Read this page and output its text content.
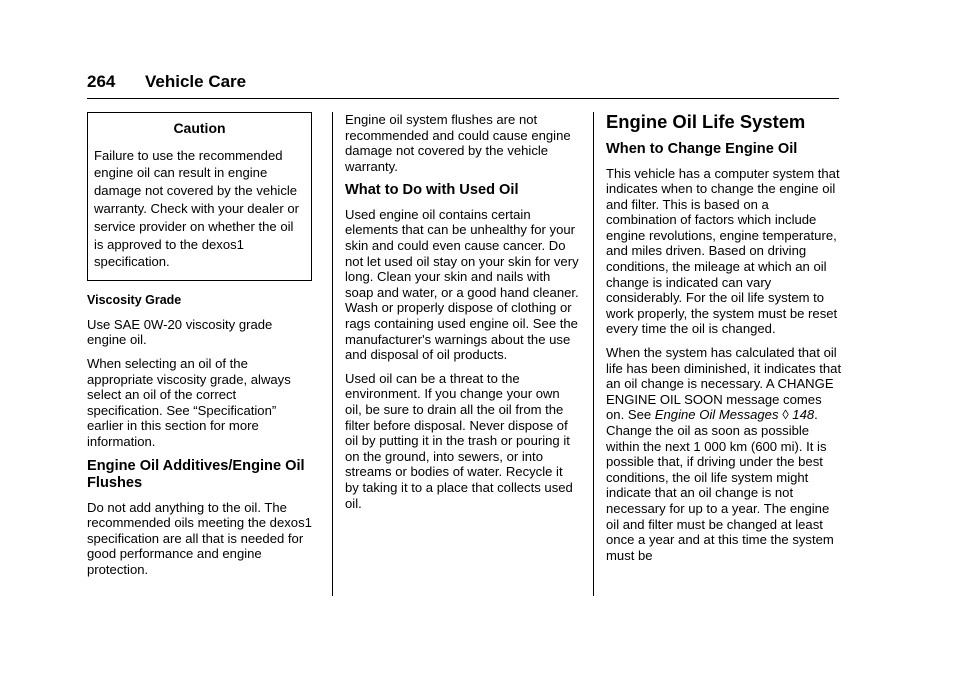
264 Vehicle Care
Caution
Failure to use the recommended engine oil can result in engine damage not covered by the vehicle warranty. Check with your dealer or service provider on whether the oil is approved to the dexos1 specification.
Viscosity Grade

Use SAE 0W-20 viscosity grade engine oil.

When selecting an oil of the appropriate viscosity grade, always select an oil of the correct specification. See “Specification” earlier in this section for more information.

Engine Oil Additives/Engine Oil Flushes

Do not add anything to the oil. The recommended oils meeting the dexos1 specification are all that is needed for good performance and engine protection.

Engine oil system flushes are not recommended and could cause engine damage not covered by the vehicle warranty.

What to Do with Used Oil

Used engine oil contains certain elements that can be unhealthy for your skin and could even cause cancer. Do not let used oil stay on your skin for very long. Clean your skin and nails with soap and water, or a good hand cleaner. Wash or properly dispose of clothing or rags containing used engine oil. See the manufacturer's warnings about the use and disposal of oil products.

Used oil can be a threat to the environment. If you change your own oil, be sure to drain all the oil from the filter before disposal. Never dispose of oil by putting it in the trash or pouring it on the ground, into sewers, or into streams or bodies of water. Recycle it by taking it to a place that collects used oil.

Engine Oil Life System
When to Change Engine Oil

This vehicle has a computer system that indicates when to change the engine oil and filter. This is based on a combination of factors which include engine revolutions, engine temperature, and miles driven. Based on driving conditions, the mileage at which an oil change is indicated can vary considerably. For the oil life system to work properly, the system must be reset every time the oil is changed.

When the system has calculated that oil life has been diminished, it indicates that an oil change is necessary. A CHANGE ENGINE OIL SOON message comes on. See Engine Oil Messages ◊ 148. Change the oil as soon as possible within the next 1 000 km (600 mi). It is possible that, if driving under the best conditions, the oil life system might indicate that an oil change is not necessary for up to a year. The engine oil and filter must be changed at least once a year and at this time the system must be
